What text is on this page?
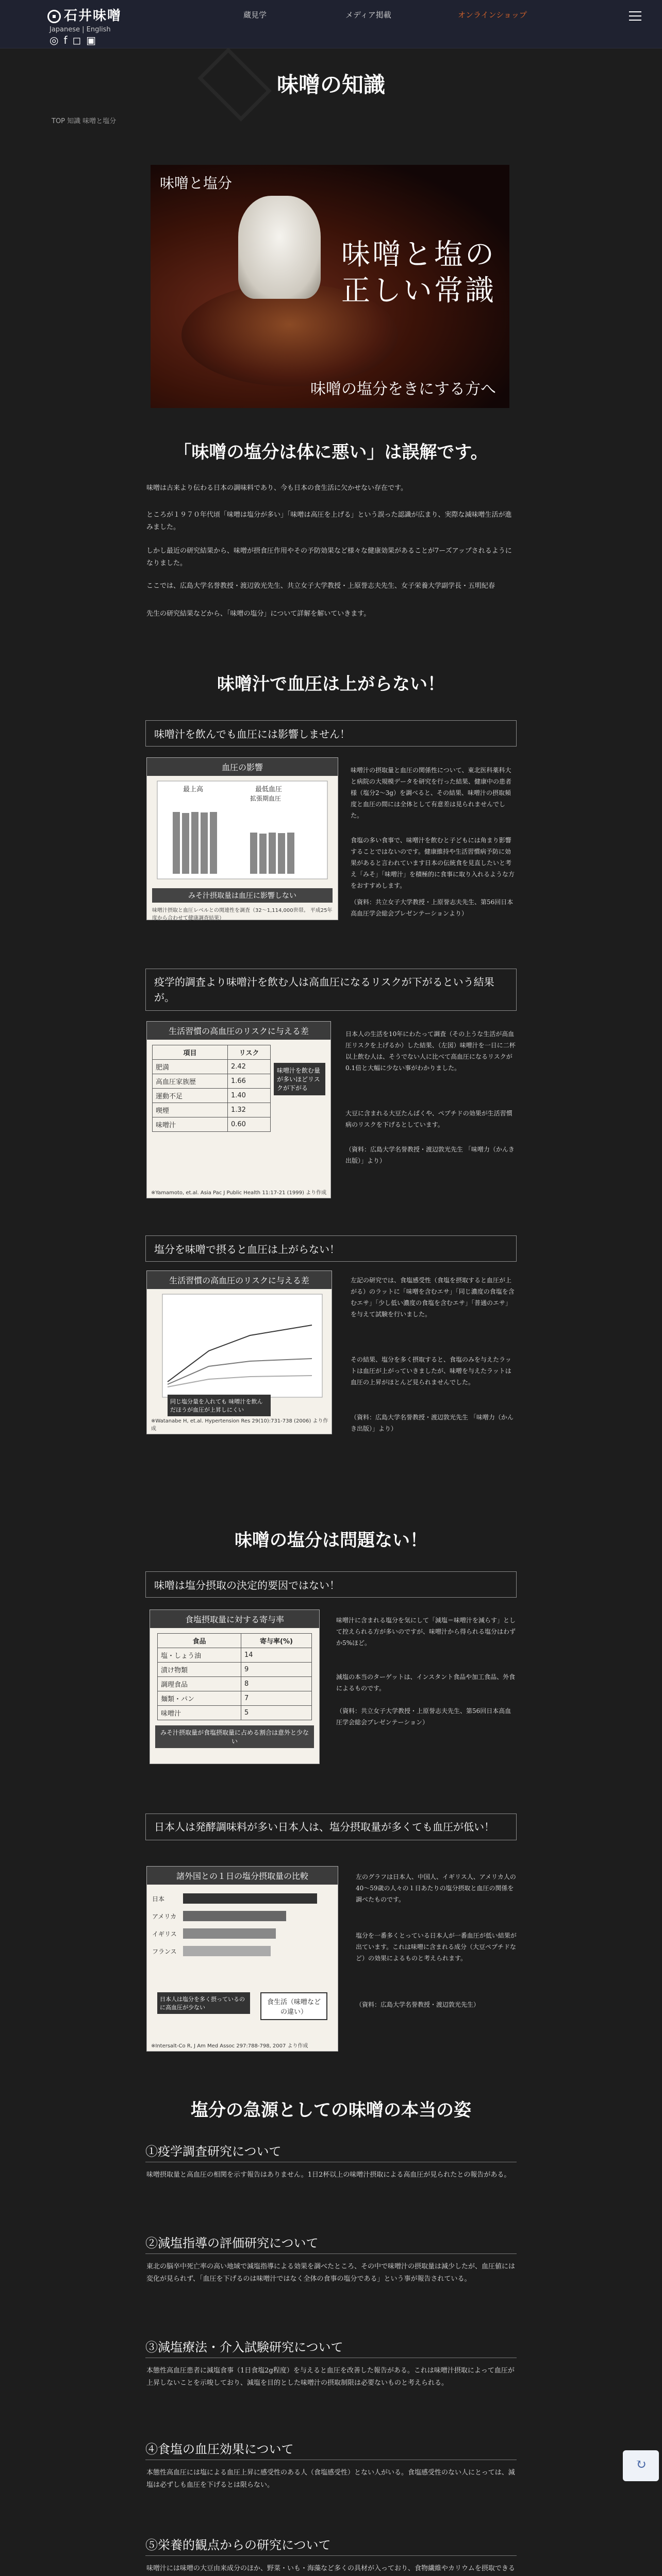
石井味噌
Japanese | English
◎f◻▣
蔵見学	メディア掲載	オンラインショップ
味噌の知識
TOP 知識 味噌と塩分
味噌と塩分
味噌と塩の
正しい常識
味噌の塩分をきにする方へ
「味噌の塩分は体に悪い」は誤解です。
味噌は古来より伝わる日本の調味料であり、今も日本の食生活に欠かせない存在です。
ところが１９７０年代頃「味噌は塩分が多い」「味噌は高圧を上げる」という誤った認識が広まり、実際な減味噌生活が進みました。
しかし最近の研究結果から、味噌が摂食圧作用やその予防効果など様々な健康効果があることが7ーズアップされるようになりました。
ここでは、広島大学名誉教授・渡辺敦光先生、共立女子大学教授・上原誉志夫先生、女子栄養大学副学長・五明紀春
先生の研究結果などから、「味噌の塩分」について詳解を解いていきます。
味噌汁で血圧は上がらない！
味噌汁を飲んでも血圧には影響しません！
血圧の影響
最上高	最低血圧
拡張期血圧
みそ汁摂取量は血圧に影響しない
味噌汁摂取と血圧レベルとの関連性を調査（32～1,114,000世帯。 平成25年度から合わせて健康調査結果）
味噌汁の摂取量と血圧の関係性について、東北医科薬科大と病院の大規模データを研究を行った結果、健康中の患者様（塩分2～3g）を調べると、その結果、味噌汁の摂取頻度と血圧の間には全体として有意差は見られませんでした。
食塩の多い食事で、味噌汁を飲むと子どもには角まり影響することではないのです。健康維持や生活習慣病予防に効果があると言われています日本の伝統食を見直したいと考え「みそ」「味噌汁」を積極的に食事に取り入れるような方をおすすめします。
（資料：共立女子大学教授・上原誉志夫先生、第56回日本高血圧学会総会プレゼンテーションより）
疫学的調査より味噌汁を飲む人は高血圧になるリスクが下がるという結果が。
生活習慣の高血圧のリスクに与える差
項目	リスク
肥満	2.42
高血圧家族歴	1.66
運動不足	1.40
喫煙	1.32
味噌汁	0.60
味噌汁を飲む量が多いほどリスクが下がる
※Yamamoto, et.al. Asia Pac J Public Health 11:17-21 (1999) より作成
日本人の生活を10年にわたって調査（その上うな生活が高血圧リスクを上げるか）した結果、（左図）味噌汁を一日に二杯以上飲む人は、そうでない人に比べて高血圧になるリスクが0.1倍と大幅に少ない事がわかりました。
大豆に含まれる大豆たんぱくや、ペプチドの効果が生活習慣病のリスクを下げるとしています。
（資料：広島大学名誉教授・渡辺敦光先生 「味噌力（かんき出版）」より）
塩分を味噌で摂ると血圧は上がらない！
生活習慣の高血圧のリスクに与える差
同じ塩分量を入れても 味噌汁を飲んだほうが血圧が上昇しにくい
※Watanabe H, et.al. Hypertension Res 29(10):731-738 (2006) より作成
左記の研究では、食塩感受性（食塩を摂取すると血圧が上がる）のラットに「味噌を含むエサ」「同じ濃度の食塩を含むエサ」「少し低い濃度の食塩を含むエサ」「普通のエサ」を与えて試験を行いました。
その結果、塩分を多く摂取すると、食塩のみを与えたラットは血圧が上がっていきましたが、味噌を与えたラットは血圧の上昇がほとんど見られませんでした。
（資料：広島大学名誉教授・渡辺敦光先生 「味噌力（かんき出版）」より）
味噌の塩分は問題ない！
味噌は塩分摂取の決定的要因ではない！
食塩摂取量に対する寄与率
食品	寄与率(%)
塩・しょう油	14
漬け物類	9
調理食品	8
麺類・パン	7
味噌汁	5
みそ汁摂取量が食塩摂取量に占める割合は意外と少ない
味噌汁に含まれる塩分を気にして「減塩＝味噌汁を減らす」として控えられる方が多いのですが、味噌汁から得られる塩分はわずか5%ほど。
減塩の本当のターゲットは、インスタント食品や加工食品、外食によるものです。
（資料：共立女子大学教授・上原誉志夫先生、第56回日本高血圧学会総会プレゼンテーション）
日本人は発酵調味料が多い日本人は、塩分摂取量が多くても血圧が低い！
諸外国との１日の塩分摂取量の比較
日本
アメリカ
イギリス
フランス
日本人は塩分を多く摂っているのに高血圧が少ない
食生活（味噌などの違い）
※Intersalt-Co R, J Am Med Assoc 297:788-798, 2007 より作成
左のグラフは日本人、中国人、イギリス人、アメリカ人の40～59歳の人々の１日あたりの塩分摂取と血圧の関係を調べたものです。
塩分を一番多くとっている日本人が一番血圧が低い結果が出ています。これは味噌に含まれる成分（大豆ペプチドなど）の効果によるものと考えられます。
（資料：広島大学名誉教授・渡辺敦光先生）
塩分の急源としての味噌の本当の姿
①疫学調査研究について
味噌摂取量と高血圧の相関を示す報告はありません。1日2杯以上の味噌汁摂取による高血圧が見られたとの報告がある。
②減塩指導の評価研究について
東北の脳卒中死亡率の高い地域で減塩指導による効果を調べたところ、その中で味噌汁の摂取量は減少したが、血圧値には変化が見られず、「血圧を下げるのは味噌汁ではなく全体の食事の塩分である」という事が報告されている。
③減塩療法・介入試験研究について
本態性高血圧患者に減塩食事（1日食塩2g程度）を与えると血圧を改善した報告がある。これは味噌汁摂取によって血圧が上昇しないことを示唆しており、減塩を目的とした味噌汁の摂取制限は必要ないものと考えられる。
④食塩の血圧効果について
本態性高血圧には塩による血圧上昇に感受性のある人（食塩感受性）とない人がいる。食塩感受性のない人にとっては、減塩は必ずしも血圧を下げるとは限らない。
⑤栄養的観点からの研究について
味噌汁には味噌の大豆由来成分のほか、野菜・いも・海藻など多くの具材が入っており、食物繊維やカリウムを摂取できる
↻
